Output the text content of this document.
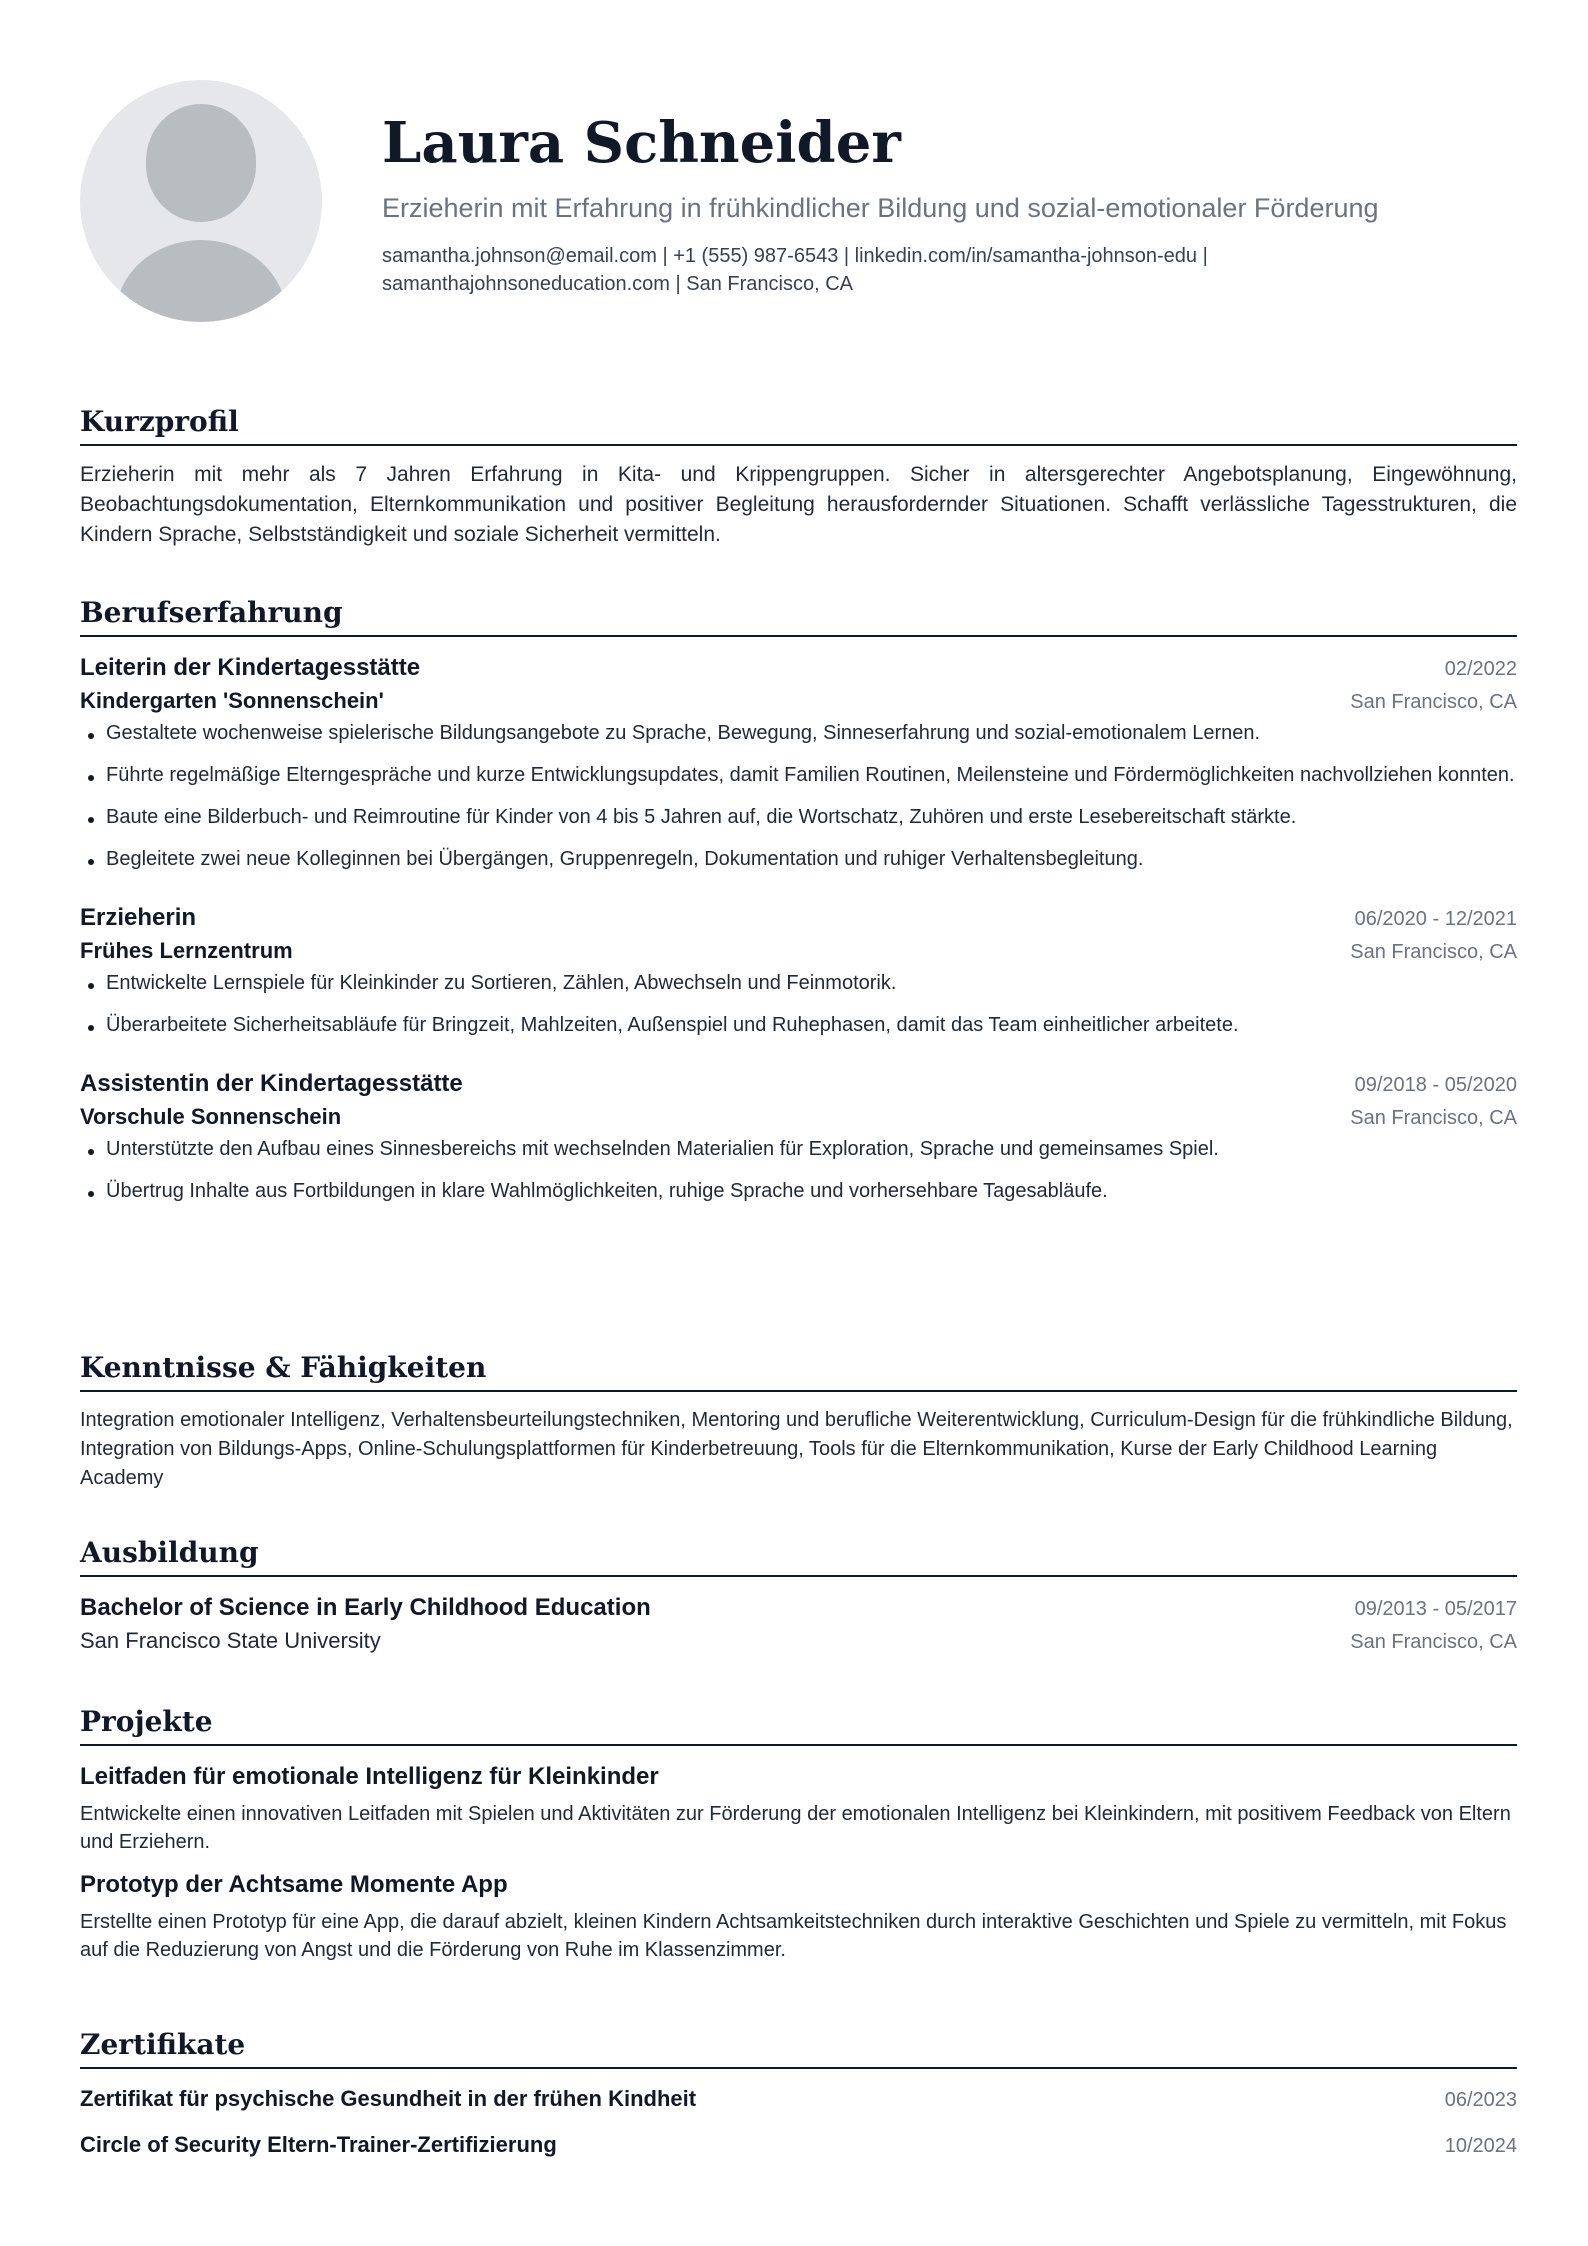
Laura Schneider
Erzieherin mit Erfahrung in frühkindlicher Bildung und sozial-emotionaler Förderung
samantha.johnson@email.com | +1 (555) 987-6543 | linkedin.com/in/samantha-johnson-edu |
samanthajohnsoneducation.com | San Francisco, CA
Kurzprofil
Erzieherin mit mehr als 7 Jahren Erfahrung in Kita- und Krippengruppen. Sicher in altersgerechter Angebotsplanung, Eingewöhnung, Beobachtungsdokumentation, Elternkommunikation und positiver Begleitung herausfordernder Situationen. Schafft verlässliche Tagesstrukturen, die Kindern Sprache, Selbstständigkeit und soziale Sicherheit vermitteln.
Berufserfahrung
Leiterin der Kindertagesstätte	02/2022
Kindergarten 'Sonnenschein'	San Francisco, CA
Gestaltete wochenweise spielerische Bildungsangebote zu Sprache, Bewegung, Sinneserfahrung und sozial-emotionalem Lernen.
Führte regelmäßige Elterngespräche und kurze Entwicklungsupdates, damit Familien Routinen, Meilensteine und Fördermöglichkeiten nachvollziehen konnten.
Baute eine Bilderbuch- und Reimroutine für Kinder von 4 bis 5 Jahren auf, die Wortschatz, Zuhören und erste Lesebereitschaft stärkte.
Begleitete zwei neue Kolleginnen bei Übergängen, Gruppenregeln, Dokumentation und ruhiger Verhaltensbegleitung.
Erzieherin	06/2020 - 12/2021
Frühes Lernzentrum	San Francisco, CA
Entwickelte Lernspiele für Kleinkinder zu Sortieren, Zählen, Abwechseln und Feinmotorik.
Überarbeitete Sicherheitsabläufe für Bringzeit, Mahlzeiten, Außenspiel und Ruhephasen, damit das Team einheitlicher arbeitete.
Assistentin der Kindertagesstätte	09/2018 - 05/2020
Vorschule Sonnenschein	San Francisco, CA
Unterstützte den Aufbau eines Sinnesbereichs mit wechselnden Materialien für Exploration, Sprache und gemeinsames Spiel.
Übertrug Inhalte aus Fortbildungen in klare Wahlmöglichkeiten, ruhige Sprache und vorhersehbare Tagesabläufe.
Kenntnisse & Fähigkeiten
Integration emotionaler Intelligenz, Verhaltensbeurteilungstechniken, Mentoring und berufliche Weiterentwicklung, Curriculum-Design für die frühkindliche Bildung, Integration von Bildungs-Apps, Online-Schulungsplattformen für Kinderbetreuung, Tools für die Elternkommunikation, Kurse der Early Childhood Learning Academy
Ausbildung
Bachelor of Science in Early Childhood Education	09/2013 - 05/2017
San Francisco State University	San Francisco, CA
Projekte
Leitfaden für emotionale Intelligenz für Kleinkinder
Entwickelte einen innovativen Leitfaden mit Spielen und Aktivitäten zur Förderung der emotionalen Intelligenz bei Kleinkindern, mit positivem Feedback von Eltern und Erziehern.
Prototyp der Achtsame Momente App
Erstellte einen Prototyp für eine App, die darauf abzielt, kleinen Kindern Achtsamkeitstechniken durch interaktive Geschichten und Spiele zu vermitteln, mit Fokus auf die Reduzierung von Angst und die Förderung von Ruhe im Klassenzimmer.
Zertifikate
Zertifikat für psychische Gesundheit in der frühen Kindheit	06/2023
Circle of Security Eltern-Trainer-Zertifizierung	10/2024
